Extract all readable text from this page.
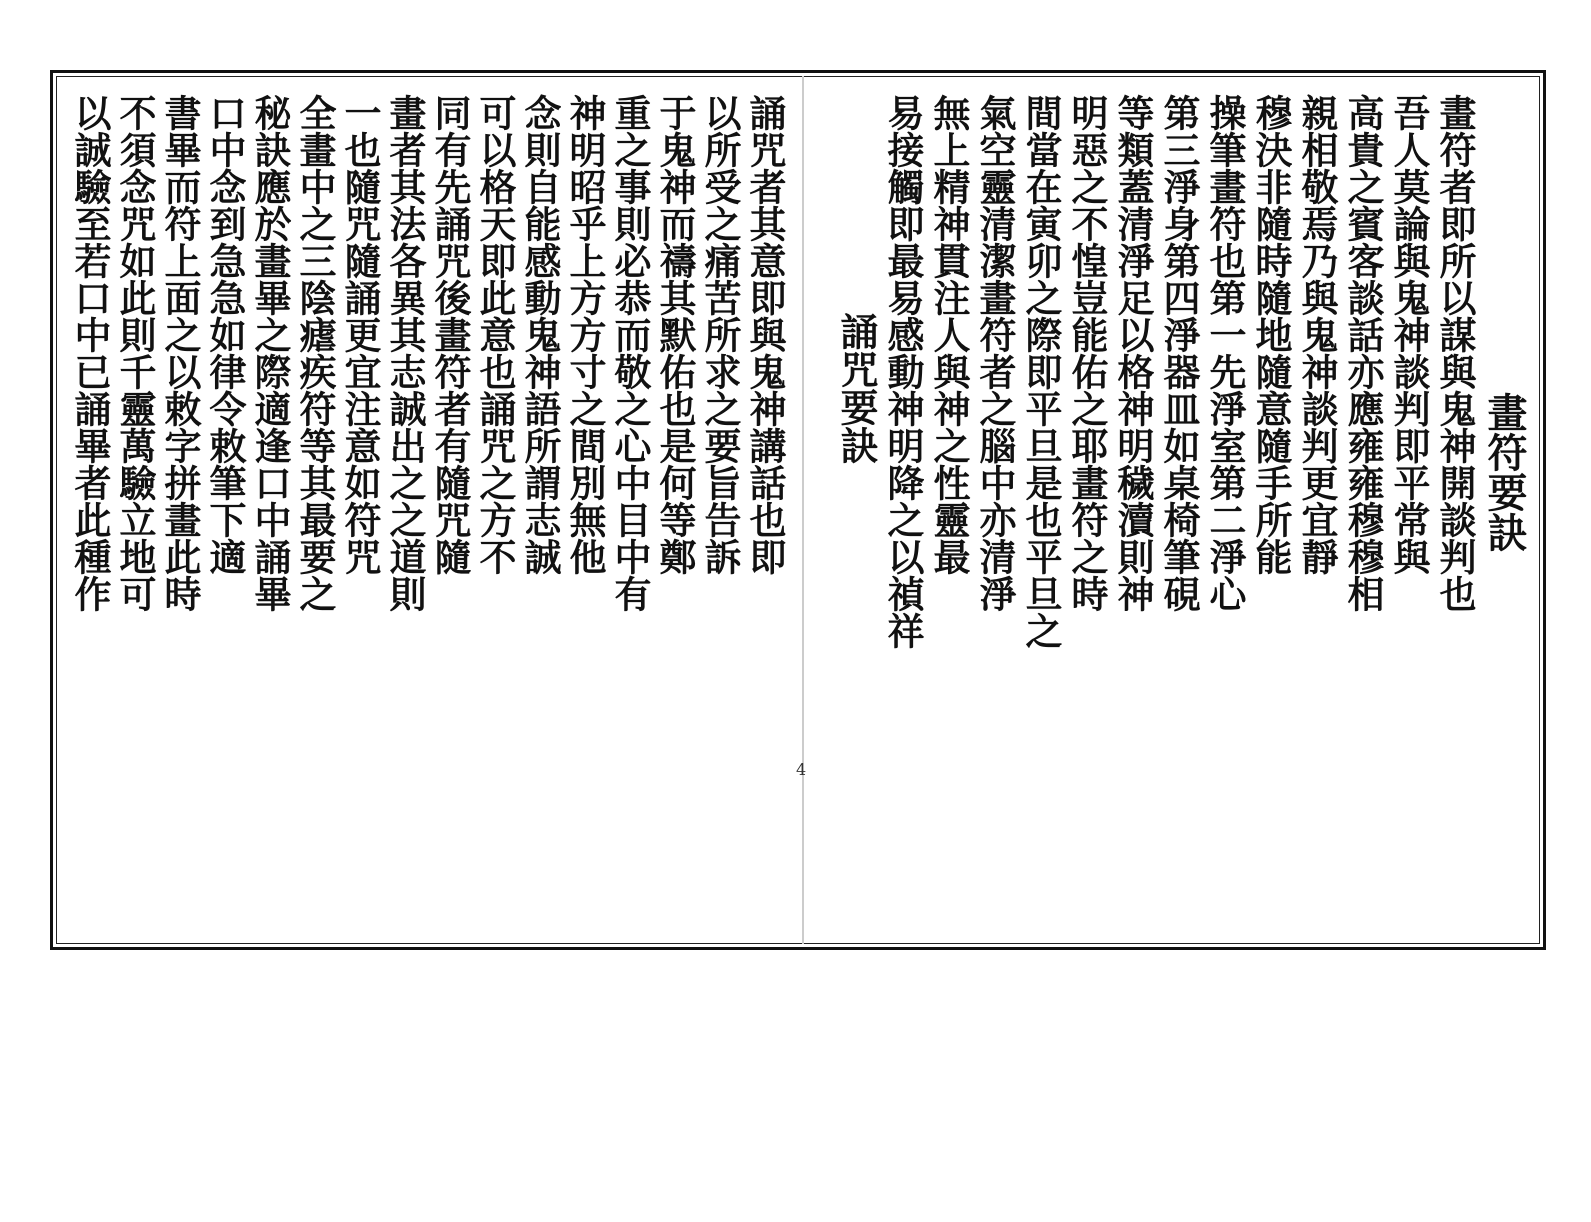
畫符要訣
畫符者即所以謀與鬼神開談判也
吾人莫論與鬼神談判即平常與
高貴之賓客談話亦應雍雍穆穆相
親相敬焉乃與鬼神談判更宜靜
穆決非隨時隨地隨意隨手所能
操筆畫符也第一先淨室第二淨心
第三淨身第四淨器皿如桌椅筆硯
等類蓋清淨足以格神明穢瀆則神
明惡之不惶豈能佑之耶畫符之時
間當在寅卯之際即平旦是也平旦之
氣空靈清潔畫符者之腦中亦清淨
無上精神貫注人與神之性靈最
易接觸即最易感動神明降之以禎祥
誦咒要訣
4
誦咒者其意即與鬼神講話也即
以所受之痛苦所求之要旨告訴
于鬼神而禱其默佑也是何等鄭
重之事則必恭而敬之心中目中有
神明昭乎上方方寸之間別無他
念則自能感動鬼神語所謂志誠
可以格天即此意也誦咒之方不
同有先誦咒後畫符者有隨咒隨
畫者其法各異其志誠出之之道則
一也隨咒隨誦更宜注意如符咒
全畫中之三陰瘧疾符等其最要之
秘訣應於畫畢之際適逢口中誦畢
口中念到急急如律令敕筆下適
書畢而符上面之以敕字拼畫此時
不須念咒如此則千靈萬驗立地可
以誠驗至若口中已誦畢者此種作
